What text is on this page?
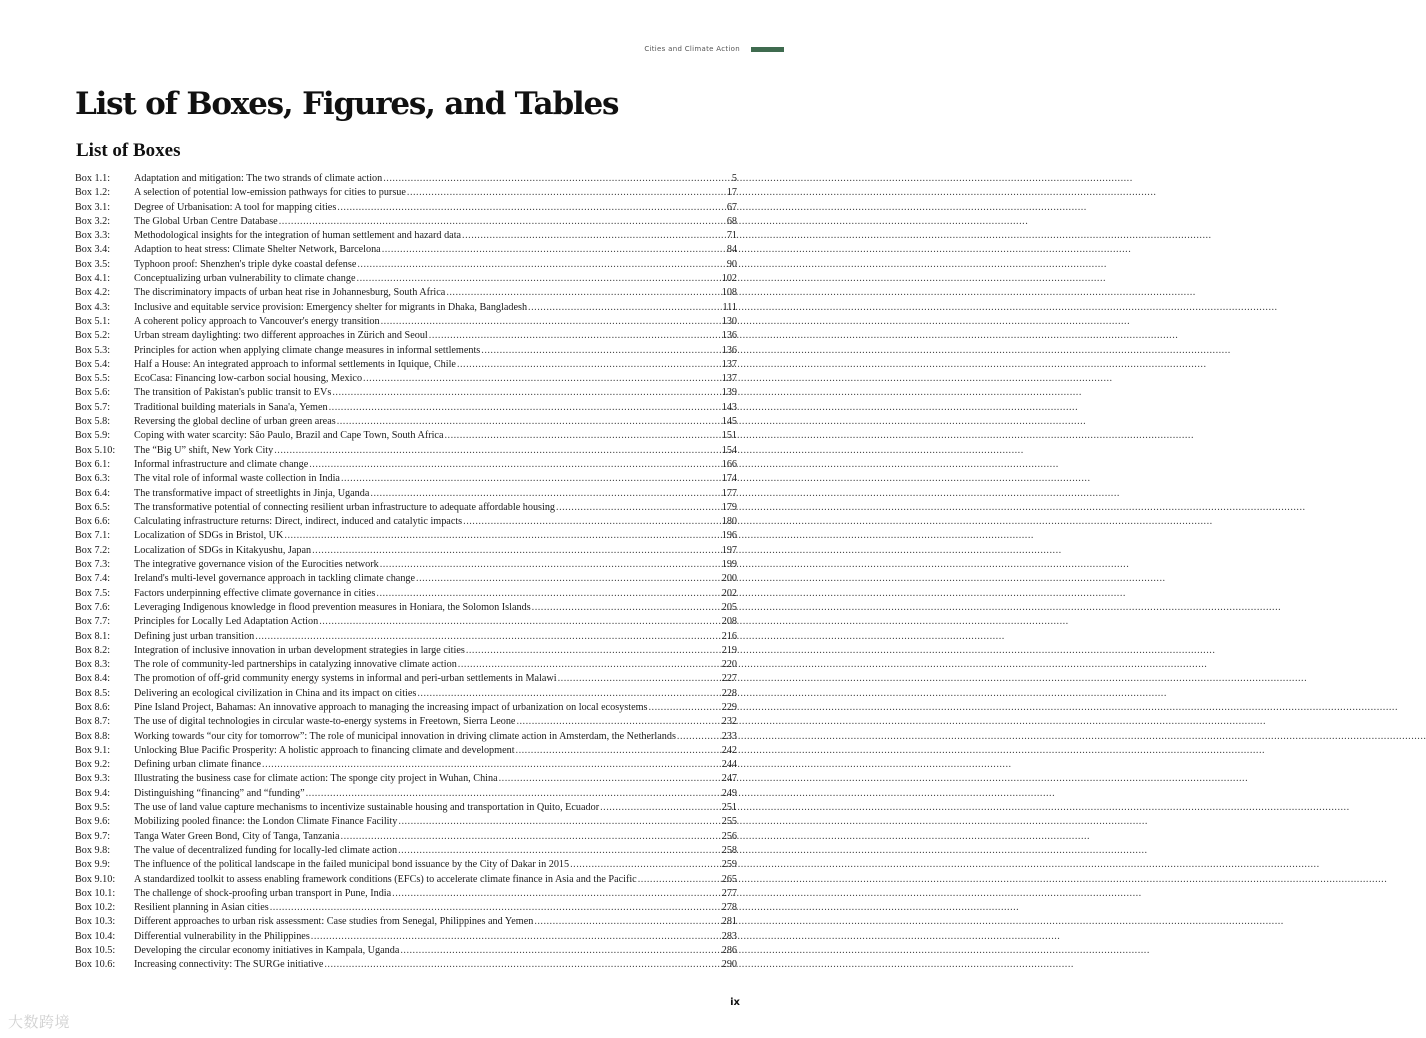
Cities and Climate Action
List of Boxes, Figures, and Tables
List of Boxes
Box 1.1:	Adaptation and mitigation: The two strands of climate action .....	5
Box 1.2:	A selection of potential low-emission pathways for cities to pursue .....	17
Box 3.1:	Degree of Urbanisation: A tool for mapping cities .....	67
Box 3.2:	The Global Urban Centre Database .....	68
Box 3.3:	Methodological insights for the integration of human settlement and hazard data .....	71
Box 3.4:	Adaption to heat stress: Climate Shelter Network, Barcelona .....	84
Box 3.5:	Typhoon proof: Shenzhen's triple dyke coastal defense .....	90
Box 4.1:	Conceptualizing urban vulnerability to climate change .....	102
Box 4.2:	The discriminatory impacts of urban heat rise in Johannesburg, South Africa .....	108
Box 4.3:	Inclusive and equitable service provision: Emergency shelter for migrants in Dhaka, Bangladesh .....	111
Box 5.1:	A coherent policy approach to Vancouver's energy transition .....	130
Box 5.2:	Urban stream daylighting: two different approaches in Zürich and Seoul .....	136
Box 5.3:	Principles for action when applying climate change measures in informal settlements .....	136
Box 5.4:	Half a House: An integrated approach to informal settlements in Iquique, Chile .....	137
Box 5.5:	EcoCasa: Financing low-carbon social housing, Mexico .....	137
Box 5.6:	The transition of Pakistan's public transit to EVs .....	139
Box 5.7:	Traditional building materials in Sana'a, Yemen .....	143
Box 5.8:	Reversing the global decline of urban green areas .....	145
Box 5.9:	Coping with water scarcity: São Paulo, Brazil and Cape Town, South Africa .....	151
Box 5.10:	The “Big U” shift, New York City .....	154
Box 6.1:	Informal infrastructure and climate change .....	166
Box 6.3:	The vital role of informal waste collection in India .....	174
Box 6.4:	The transformative impact of streetlights in Jinja, Uganda .....	177
Box 6.5:	The transformative potential of connecting resilient urban infrastructure to adequate affordable housing .....	179
Box 6.6:	Calculating infrastructure returns: Direct, indirect, induced and catalytic impacts .....	180
Box 7.1:	Localization of SDGs in Bristol, UK .....	196
Box 7.2:	Localization of SDGs in Kitakyushu, Japan .....	197
Box 7.3:	The integrative governance vision of the Eurocities network .....	199
Box 7.4:	Ireland's multi-level governance approach in tackling climate change .....	200
Box 7.5:	Factors underpinning effective climate governance in cities .....	202
Box 7.6:	Leveraging Indigenous knowledge in flood prevention measures in Honiara, the Solomon Islands .....	205
Box 7.7:	Principles for Locally Led Adaptation Action .....	208
Box 8.1:	Defining just urban transition .....	216
Box 8.2:	Integration of inclusive innovation in urban development strategies in large cities .....	219
Box 8.3:	The role of community-led partnerships in catalyzing innovative climate action .....	220
Box 8.4:	The promotion of off-grid community energy systems in informal and peri-urban settlements in Malawi .....	227
Box 8.5:	Delivering an ecological civilization in China and its impact on cities .....	228
Box 8.6:	Pine Island Project, Bahamas: An innovative approach to managing the increasing impact of urbanization on local ecosystems .....	229
Box 8.7:	The use of digital technologies in circular waste-to-energy systems in Freetown, Sierra Leone .....	232
Box 8.8:	Working towards “our city for tomorrow”: The role of municipal innovation in driving climate action in Amsterdam, the Netherlands .....	233
Box 9.1:	Unlocking Blue Pacific Prosperity: A holistic approach to financing climate and development .....	242
Box 9.2:	Defining urban climate finance .....	244
Box 9.3:	Illustrating the business case for climate action: The sponge city project in Wuhan, China .....	247
Box 9.4:	Distinguishing “financing” and “funding” .....	249
Box 9.5:	The use of land value capture mechanisms to incentivize sustainable housing and transportation in Quito, Ecuador .....	251
Box 9.6:	Mobilizing pooled finance: the London Climate Finance Facility .....	255
Box 9.7:	Tanga Water Green Bond, City of Tanga, Tanzania .....	256
Box 9.8:	The value of decentralized funding for locally-led climate action .....	258
Box 9.9:	The influence of the political landscape in the failed municipal bond issuance by the City of Dakar in 2015 .....	259
Box 9.10:	A standardized toolkit to assess enabling framework conditions (EFCs) to accelerate climate finance in Asia and the Pacific .....	265
Box 10.1:	The challenge of shock-proofing urban transport in Pune, India .....	277
Box 10.2:	Resilient planning in Asian cities .....	278
Box 10.3:	Different approaches to urban risk assessment: Case studies from Senegal, Philippines and Yemen .....	281
Box 10.4:	Differential vulnerability in the Philippines .....	283
Box 10.5:	Developing the circular economy initiatives in Kampala, Uganda .....	286
Box 10.6:	Increasing connectivity: The SURGe initiative .....	290
ix
大数跨境
